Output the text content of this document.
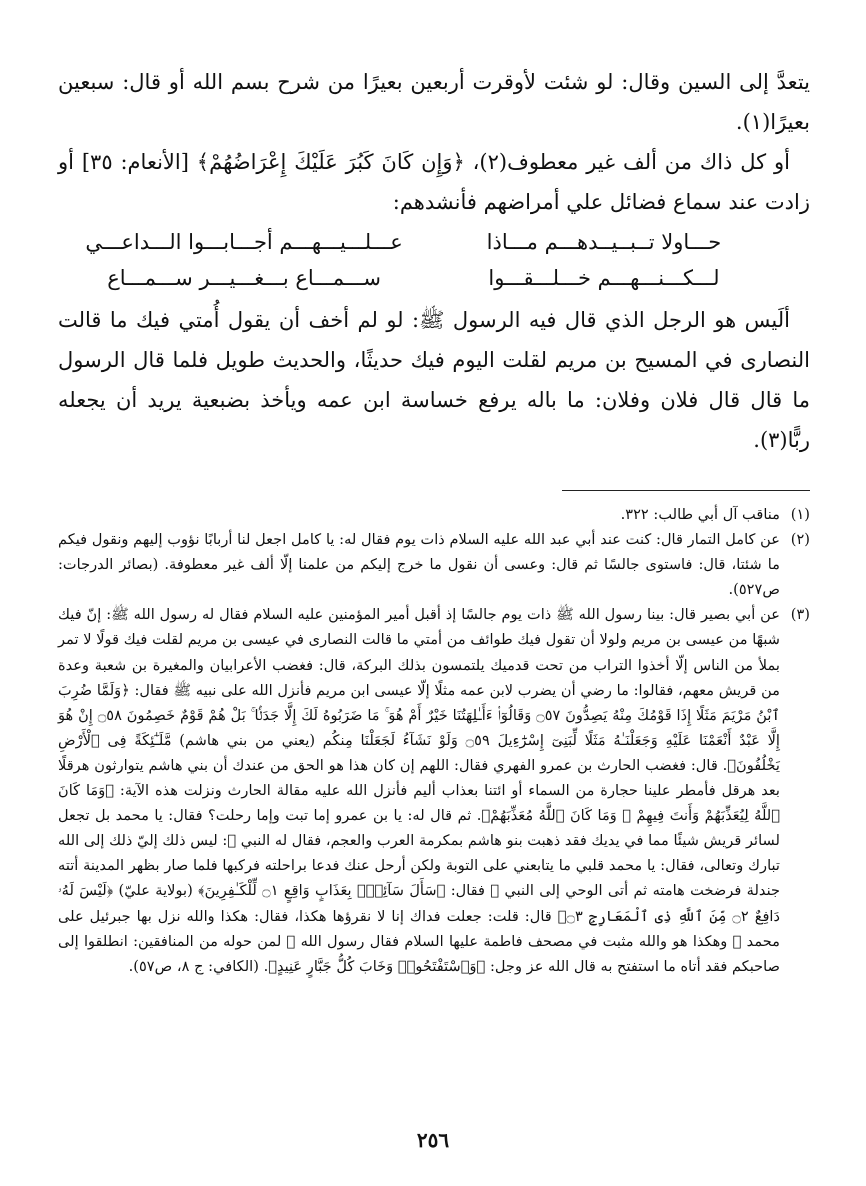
يتعدَّ إلى السين وقال: لو شئت لأوقرت أربعين بعيرًا من شرح بسم الله أو قال: سبعين بعيرًا(١).

أو كل ذاك من ألف غير معطوف(٢)، ﴿وَإِن كَانَ كَبُرَ عَلَيْكَ إِعْرَاضُهُمْ﴾ [الأنعام: ٣٥] أو زادت عند سماع فضائل علي أمراضهم فأنشدهم:

حـــاولا تــبــيــدهـــم مـــاذا
عـــلـــيـــهـــم أجـــابـــوا الـــداعـــي
لـــكـــنـــهـــم خـــلـــقـــوا
ســـمـــاع بـــغـــيـــر ســـمـــاع

ألَيس هو الرجل الذي قال فيه الرسول ﷺ: لو لم أخف أن يقول أُمتي فيك ما قالت النصارى في المسيح بن مريم لقلت اليوم فيك حديثًا، والحديث طويل فلما قال الرسول ما قال قال فلان وفلان: ما باله يرفع خساسة ابن عمه ويأخذ بضبعية يريد أن يجعله ربًّا(٣).

(١)
مناقب آل أبي طالب: ٣٢٢.
(٢)
عن كامل التمار قال: كنت عند أبي عبد الله عليه السلام ذات يوم فقال له: يا كامل اجعل لنا أربابًا نؤوب إليهم ونقول فيكم ما شئتا، قال: فاستوى جالسًا ثم قال: وعسى أن نقول ما خرج إليكم من علمنا إلّا ألف غير معطوفة. (بصائر الدرجات: ص٥٢٧).
(٣)
عن أبي بصير قال: بينا رسول الله ﷺ ذات يوم جالسًا إذ أقبل أمير المؤمنين عليه السلام فقال له رسول الله ﷺ: إنّ فيك شبهًا من عيسى بن مريم ولولا أن تقول فيك طوائف من أمتي ما قالت النصارى في عيسى بن مريم لقلت فيك قولًا لا تمر بملأ من الناس إلّا أخذوا التراب من تحت قدميك يلتمسون بذلك البركة، قال: فغضب الأعرابيان والمغيرة بن شعبة وعدة من قريش معهم، فقالوا: ما رضي أن يضرب لابن عمه مثلًا إلّا عيسى ابن مريم فأنزل الله على نبيه ﷺ فقال: ﴿وَلَمَّا ضُرِبَ ٱبْنُ مَرْيَمَ مَثَلًا إِذَا قَوْمُكَ مِنْهُ يَصِدُّونَ ۝٥٧ وَقَالُوٓا۟ ءَأَـٰلِهَتُنَا خَيْرٌ أَمْ هُوَ ۚ مَا ضَرَبُوهُ لَكَ إِلَّا جَدَلًۢا ۚ بَلْ هُمْ قَوْمٌ خَصِمُونَ ۝٥٨ إِنْ هُوَ إِلَّا عَبْدٌ أَنْعَمْنَا عَلَيْهِ وَجَعَلْنَـٰهُ مَثَلًا لِّبَنِىٓ إِسْرَٰٓءِيلَ ۝٥٩ وَلَوْ نَشَآءُ لَجَعَلْنَا مِنكُم (يعني من بني هاشم) مَّلَـٰٓئِكَةً فِى ٱلْأَرْضِ يَخْلُفُونَ﴾. قال: فغضب الحارث بن عمرو الفهري فقال: اللهم إن كان هذا هو الحق من عندك أن بني هاشم يتوارثون هرقلًا بعد هرقل فأمطر علينا حجارة من السماء أو ائتنا بعذاب أليم فأنزل الله عليه مقالة الحارث ونزلت هذه الآية: ﴿وَمَا كَانَ ٱللَّهُ لِيُعَذِّبَهُمْ وَأَنتَ فِيهِمْ ۚ وَمَا كَانَ ٱللَّهُ مُعَذِّبَهُمْ﴾. ثم قال له: يا بن عمرو إما تبت وإما رحلت؟ فقال: يا محمد بل تجعل لسائر قريش شيئًا مما في يديك فقد ذهبت بنو هاشم بمكرمة العرب والعجم، فقال له النبي ﷺ: ليس ذلك إليّ ذلك إلى الله تبارك وتعالى، فقال: يا محمد قلبي ما يتابعني على التوبة ولكن أرحل عنك فدعا براحلته فركبها فلما صار بظهر المدينة أتته جندلة فرضخت هامته ثم أتى الوحي إلى النبي ﷺ فقال: ﴿سَأَلَ سَآئِلٌۢ بِعَذَابٍ وَاقِعٍ ۝١ لِّلْكَـٰفِرِينَ﴾ (بولاية عليّ) ﴿لَيْسَ لَهُۥ دَافِعٌ ۝٢ مِّنَ ٱللَّهِ ذِى ٱلْمَعَارِجِ ۝٣﴾ قال: قلت: جعلت فداك إنا لا نقرؤها هكذا، فقال: هكذا والله نزل بها جبرئيل على محمد ﷺ وهكذا هو والله مثبت في مصحف فاطمة عليها السلام فقال رسول الله ﷺ لمن حوله من المنافقين: انطلقوا إلى صاحبكم فقد أتاه ما استفتح به قال الله عز وجل: ﴿وَٱسْتَفْتَحُوا۟ وَخَابَ كُلُّ جَبَّارٍ عَنِيدٍ﴾. (الكافي: ج ٨، ص٥٧).
٢٥٦
